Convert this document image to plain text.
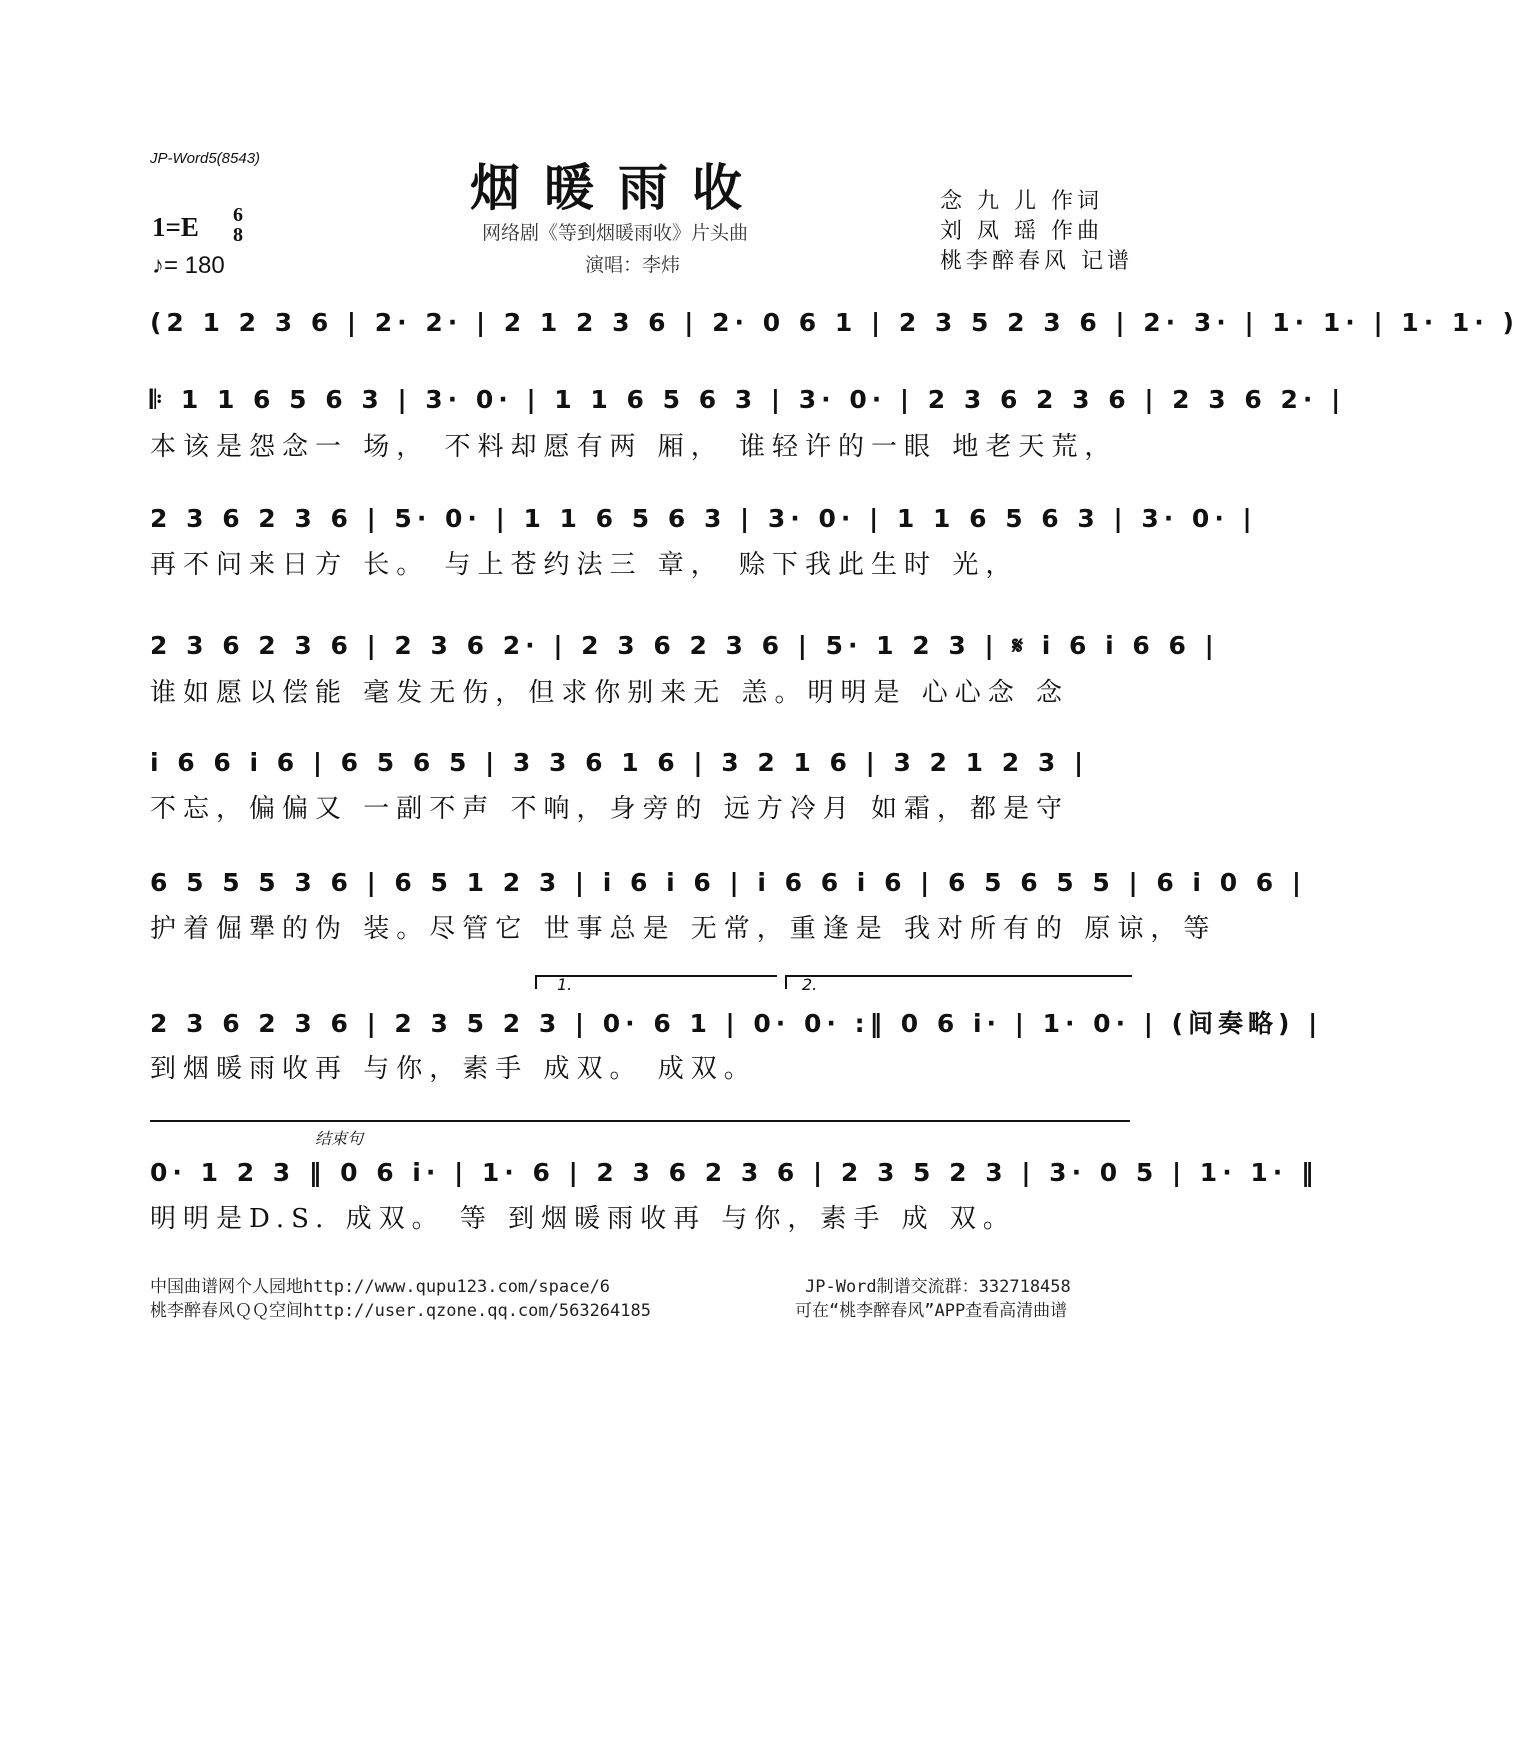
JP-Word5(8543)	烟暖雨收
网络剧《等到烟暖雨收》片头曲
演唱：李炜
念 九 儿 作词
刘 凤 瑶 作曲
桃李醉春风 记谱
1=E 6
8
♪= 180
(2 1 2 3 6 | 2· 2· | 2 1 2 3 6 | 2· 0 6 1 | 2 3 5 2 3 6 | 2· 3· | 1· 1· | 1· 1· )
𝄆 1 1 6 5 6 3 | 3· 0· | 1 1 6 5 6 3 | 3· 0· | 2 3 6 2 3 6 | 2 3 6 2· |
本该是怨念一 场， 不料却愿有两 厢， 谁轻许的一眼 地老天荒，
2 3 6 2 3 6 | 5· 0· | 1 1 6 5 6 3 | 3· 0· | 1 1 6 5 6 3 | 3· 0· |
再不问来日方 长。 与上苍约法三 章， 赊下我此生时 光，
2 3 6 2 3 6 | 2 3 6 2· | 2 3 6 2 3 6 | 5· 1 2 3 | 𝄋 i 6 i 6 6 |
谁如愿以偿能 毫发无伤，但求你别来无 恙。明明是 心心念 念
i 6 6 i 6 | 6 5 6 5 | 3 3 6 1 6 | 3 2 1 6 | 3 2 1 2 3 |
不忘，偏偏又 一副不声 不响，身旁的 远方冷月 如霜，都是守
6 5 5 5 3 6 | 6 5 1 2 3 | i 6 i 6 | i 6 6 i 6 | 6 5 6 5 5 | 6 i 0 6 |
护着倔犟的伪 装。尽管它 世事总是 无常，重逢是 我对所有的 原谅，等
1.	2.
2 3 6 2 3 6 | 2 3 5 2 3 | 0· 6 1 | 0· 0· :‖ 0 6 i· | 1· 0· | (间奏略) |
到烟暖雨收再 与你，素手 成双。 成双。
结束句
0· 1 2 3 ‖ 0 6 i· | 1· 6 | 2 3 6 2 3 6 | 2 3 5 2 3 | 3· 0 5 | 1· 1· ‖
明明是D.S. 成双。 等 到烟暖雨收再 与你，素手 成 双。
中国曲谱网个人园地http://www.qupu123.com/space/6
桃李醉春风ＱＱ空间http://user.qzone.qq.com/563264185
JP-Word制谱交流群：332718458
可在“桃李醉春风”APP查看高清曲谱
